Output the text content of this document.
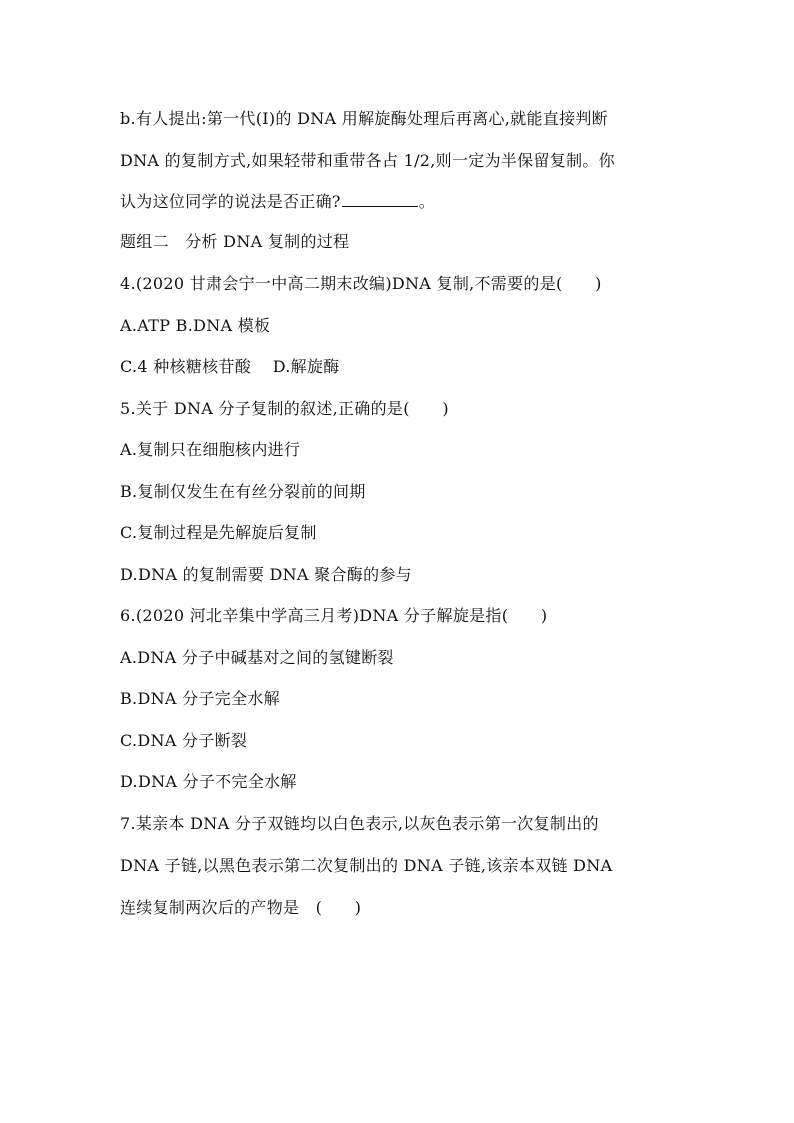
b.有人提出:第一代(Ⅰ)的 DNA 用解旋酶处理后再离心,就能直接判断
DNA 的复制方式,如果轻带和重带各占 1/2,则一定为半保留复制。你
认为这位同学的说法是否正确?	。
题组二　分析 DNA 复制的过程
4.(2020 甘肃会宁一中高二期末改编)DNA 复制,不需要的是(　　)
A.ATP B.DNA 模板
C.4 种核糖核苷酸　 D.解旋酶
5.关于 DNA 分子复制的叙述,正确的是(　　)
A.复制只在细胞核内进行
B.复制仅发生在有丝分裂前的间期
C.复制过程是先解旋后复制
D.DNA 的复制需要 DNA 聚合酶的参与
6.(2020 河北辛集中学高三月考)DNA 分子解旋是指(　　)
A.DNA 分子中碱基对之间的氢键断裂
B.DNA 分子完全水解
C.DNA 分子断裂
D.DNA 分子不完全水解
7.某亲本 DNA 分子双链均以白色表示,以灰色表示第一次复制出的
DNA 子链,以黑色表示第二次复制出的 DNA 子链,该亲本双链 DNA
连续复制两次后的产物是　(　　)
